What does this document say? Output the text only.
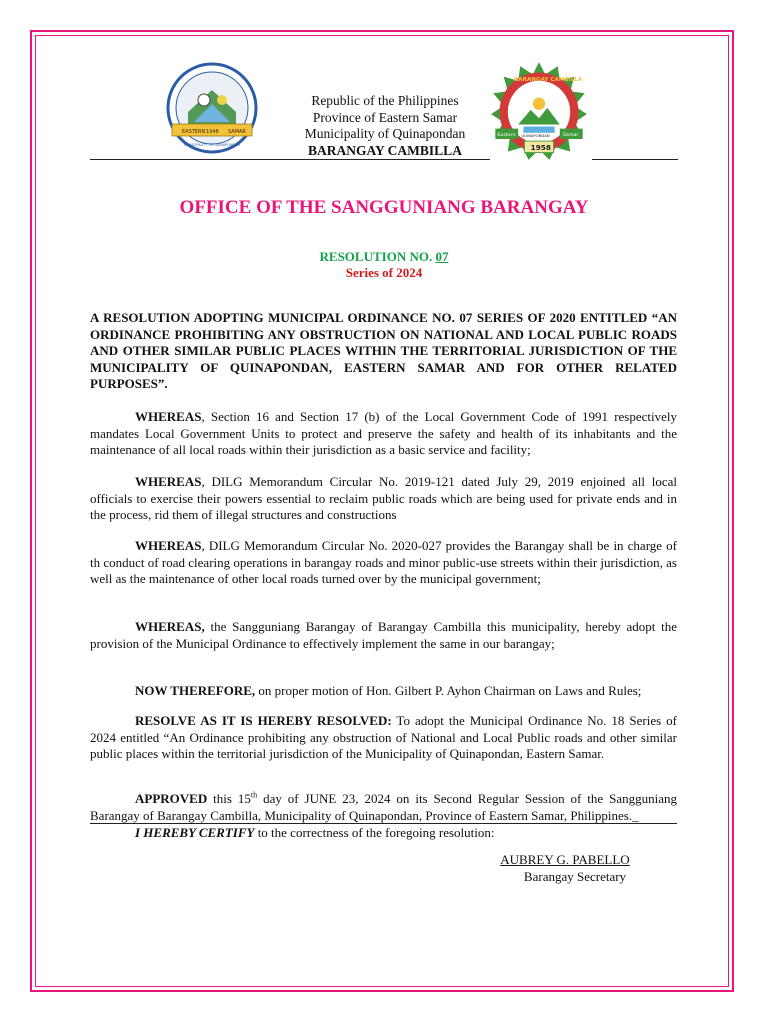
EASTERN 1948 SAMAR
MUNICIPALITY OF QUINAPONDAN
Republic of the Philippines
Province of Eastern Samar
Municipality of Quinapondan
BARANGAY CAMBILLA
QUINAPONDAN
BARANGAY CAMBILLA
Eastern	Samar
1958
OFFICE OF THE SANGGUNIANG BARANGAY
RESOLUTION NO. 07
Series of 2024
A RESOLUTION ADOPTING MUNICIPAL ORDINANCE NO. 07 SERIES OF 2020 ENTITLED “AN ORDINANCE PROHIBITING ANY OBSTRUCTION ON NATIONAL AND LOCAL PUBLIC ROADS AND OTHER SIMILAR PUBLIC PLACES WITHIN THE TERRITORIAL JURISDICTION OF THE MUNICIPALITY OF QUINAPONDAN, EASTERN SAMAR AND FOR OTHER RELATED PURPOSES”.
WHEREAS, Section 16 and Section 17 (b) of the Local Government Code of 1991 respectively mandates Local Government Units to protect and preserve the safety and health of its inhabitants and the maintenance of all local roads within their jurisdiction as a basic service and facility;
WHEREAS, DILG Memorandum Circular No. 2019-121 dated July 29, 2019 enjoined all local officials to exercise their powers essential to reclaim public roads which are being used for private ends and in the process, rid them of illegal structures and constructions
WHEREAS, DILG Memorandum Circular No. 2020-027 provides the Barangay shall be in charge of th conduct of road clearing operations in barangay roads and minor public-use streets within their jurisdiction, as well as the maintenance of other local roads turned over by the municipal government;
WHEREAS, the Sangguniang Barangay of Barangay Cambilla this municipality, hereby adopt the provision of the Municipal Ordinance to effectively implement the same in our barangay;
NOW THEREFORE, on proper motion of Hon. Gilbert P. Ayhon Chairman on Laws and Rules;
RESOLVE AS IT IS HEREBY RESOLVED: To adopt the Municipal Ordinance No. 18 Series of 2024 entitled “An Ordinance prohibiting any obstruction of National and Local Public roads and other similar public places within the territorial jurisdiction of the Municipality of Quinapondan, Eastern Samar.
APPROVED this 15th day of JUNE 23, 2024 on its Second Regular Session of the Sangguniang Barangay of Barangay Cambilla, Municipality of Quinapondan, Province of Eastern Samar, Philippines._
I HEREBY CERTIFY to the correctness of the foregoing resolution:
AUBREY G. PABELLO
Barangay Secretary
